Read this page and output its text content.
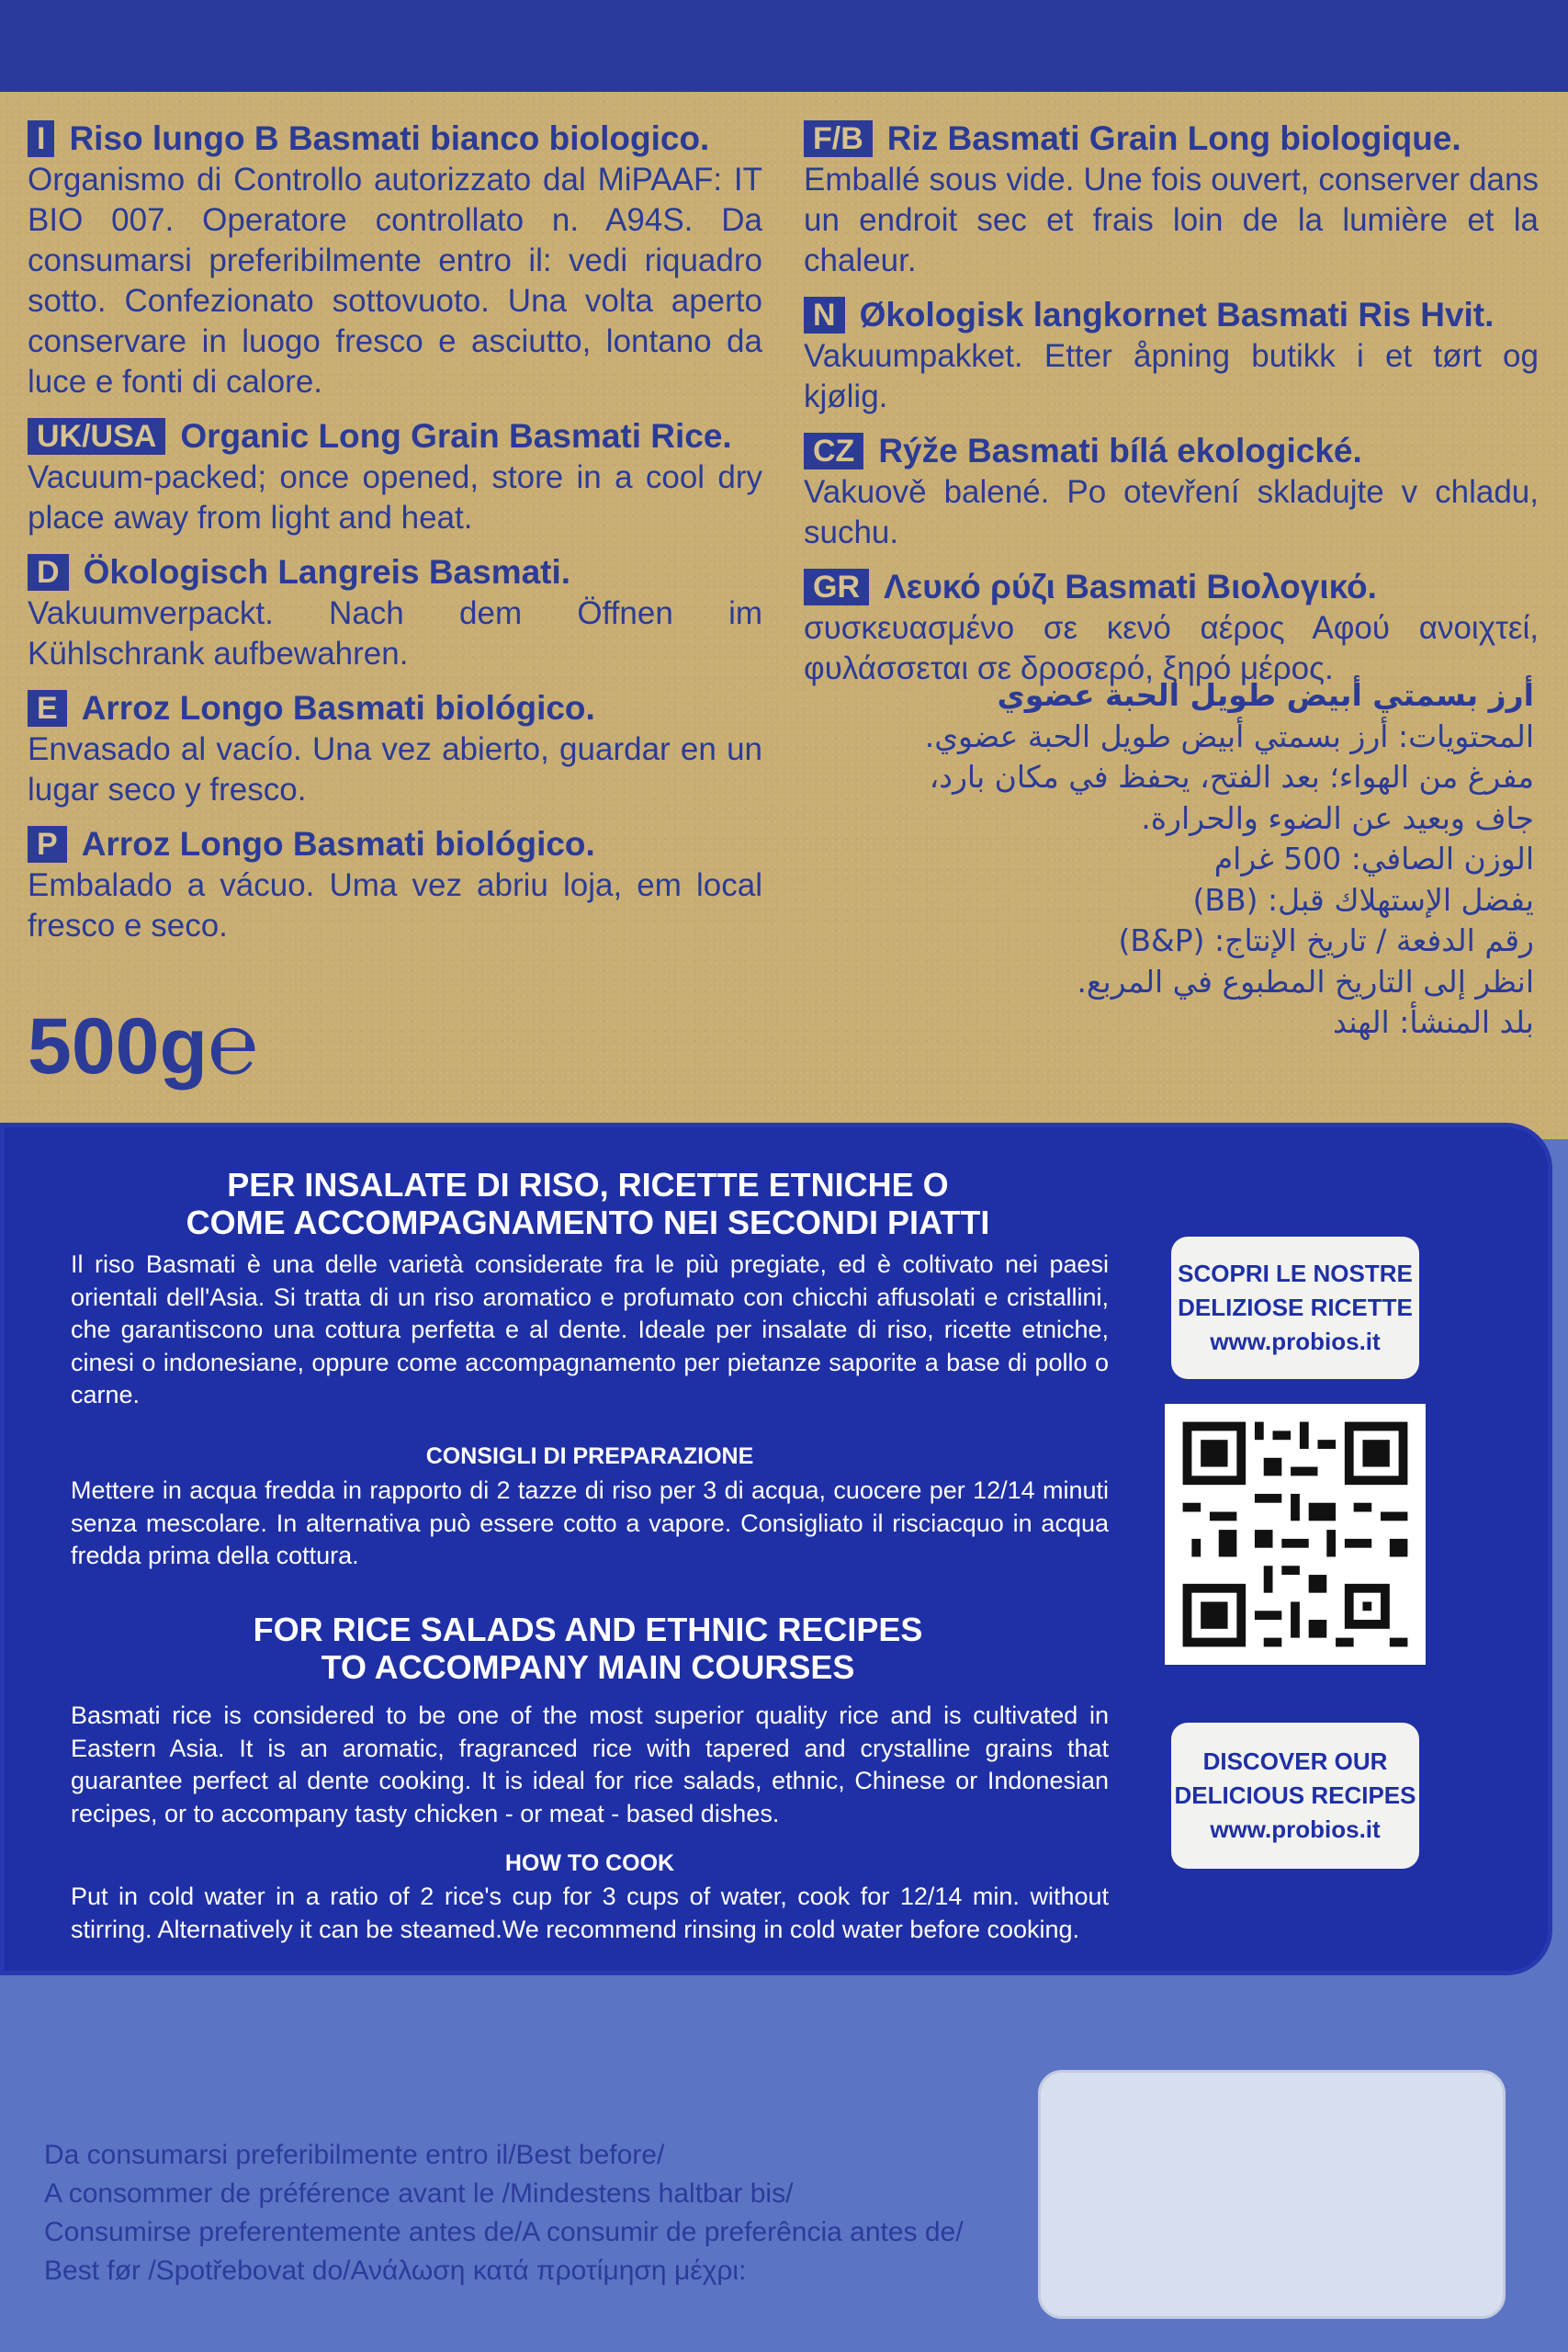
I Riso lungo B Basmati bianco biologico.
Organismo di Controllo autorizzato dal MiPAAF: IT BIO 007. Operatore controllato n. A94S. Da consumarsi preferibilmente entro il: vedi riquadro sotto. Confezionato sottovuoto. Una volta aperto conservare in luogo fresco e asciutto, lontano da luce e fonti di calore.
UK/USA Organic Long Grain Basmati Rice.
Vacuum-packed; once opened, store in a cool dry place away from light and heat.
D Ökologisch Langreis Basmati.
Vakuumverpackt. Nach dem Öffnen im Kühlschrank aufbewahren.
E Arroz Longo Basmati biológico.
Envasado al vacío. Una vez abierto, guardar en un lugar seco y fresco.
P Arroz Longo Basmati biológico.
Embalado a vácuo. Uma vez abriu loja, em local fresco e seco.
F/B Riz Basmati Grain Long biologique.
Emballé sous vide. Une fois ouvert, conserver dans un endroit sec et frais loin de la lumière et la chaleur.
N Økologisk langkornet Basmati Ris Hvit.
Vakuumpakket. Etter åpning butikk i et tørt og kjølig.
CZ Rýže Basmati bílá ekologické.
Vakuově balené. Po otevření skladujte v chladu, suchu.
GR Λευκό ρύζι Basmati Βιολογικό.
συσκευασμένο σε κενό αέρος Αφού ανοιχτεί, φυλάσσεται σε δροσερό, ξηρό μέρος.
أرز بسمتي أبيض طويل الحبة عضوي
المحتويات: أرز بسمتي أبيض طويل الحبة عضوي.
مفرغ من الهواء؛ بعد الفتح، يحفظ في مكان بارد،
جاف وبعيد عن الضوء والحرارة.
الوزن الصافي: 500 غرام
يفضل الإستهلاك قبل: (BB)
رقم الدفعة / تاريخ الإنتاج: (B&P)
انظر إلى التاريخ المطبوع في المربع.
بلد المنشأ: الهند
500g℮
PER INSALATE DI RISO, RICETTE ETNICHE O
COME ACCOMPAGNAMENTO NEI SECONDI PIATTI
Il riso Basmati è una delle varietà considerate fra le più pregiate, ed è coltivato nei paesi orientali dell'Asia. Si tratta di un riso aromatico e profumato con chicchi affusolati e cristallini, che garantiscono una cottura perfetta e al dente. Ideale per insalate di riso, ricette etniche, cinesi o indonesiane, oppure come accompagnamento per pietanze saporite a base di pollo o carne.
CONSIGLI DI PREPARAZIONE
Mettere in acqua fredda in rapporto di 2 tazze di riso per 3 di acqua, cuocere per 12/14 minuti senza mescolare. In alternativa può essere cotto a vapore. Consigliato il risciacquo in acqua fredda prima della cottura.
FOR RICE SALADS AND ETHNIC RECIPES
TO ACCOMPANY MAIN COURSES
Basmati rice is considered to be one of the most superior quality rice and is cultivated in Eastern Asia. It is an aromatic, fragranced rice with tapered and crystalline grains that guarantee perfect al dente cooking. It is ideal for rice salads, ethnic, Chinese or Indonesian recipes, or to accompany tasty chicken - or meat - based dishes.
HOW TO COOK
Put in cold water in a ratio of 2 rice's cup for 3 cups of water, cook for 12/14 min. without stirring. Alternatively it can be steamed.We recommend rinsing in cold water before cooking.
SCOPRI LE NOSTRE
DELIZIOSE RICETTE
www.probios.it
DISCOVER OUR
DELICIOUS RECIPES
www.probios.it
Da consumarsi preferibilmente entro il/Best before/
A consommer de préférence avant le /Mindestens haltbar bis/
Consumirse preferentemente antes de/A consumir de preferência antes de/
Best før /Spotřebovat do/Ανάλωση κατά προτίμηση μέχρι:
